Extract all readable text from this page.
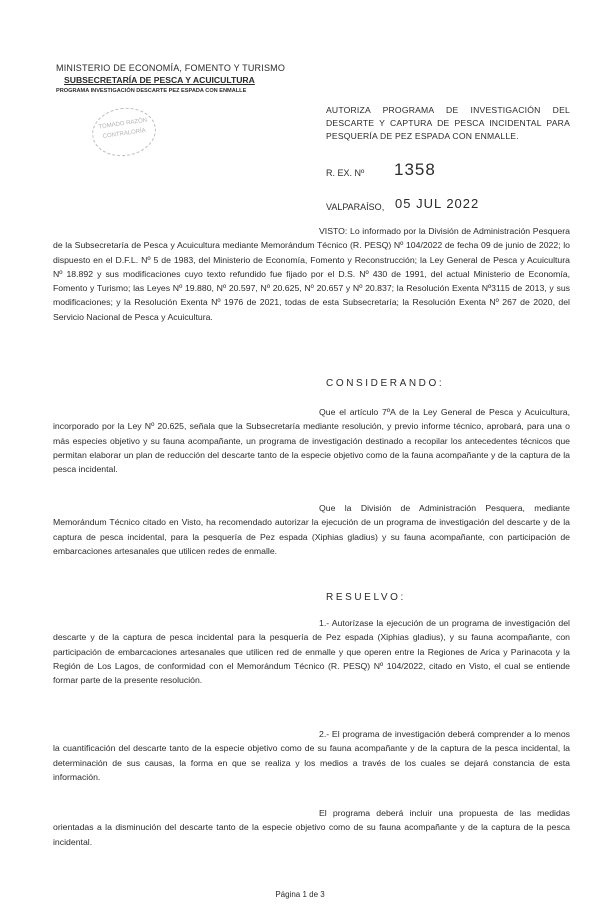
MINISTERIO DE ECONOMÍA, FOMENTO Y TURISMO
SUBSECRETARÍA DE PESCA Y ACUICULTURA
PROGRAMA INVESTIGACIÓN DESCARTE PEZ ESPADA CON ENMALLE
TOMADO RAZÓN
CONTRALORÍA
AUTORIZA PROGRAMA DE INVESTIGACIÓN DEL DESCARTE Y CAPTURA DE PESCA INCIDENTAL PARA PESQUERÍA DE PEZ ESPADA CON ENMALLE.
R. EX. Nº 1358
VALPARAÍSO, 05 JUL 2022

VISTO: Lo informado por la División de Administración Pesquera de la Subsecretaría de Pesca y Acuicultura mediante Memorándum Técnico (R. PESQ) Nº 104/2022 de fecha 09 de junio de 2022; lo dispuesto en el D.F.L. Nº 5 de 1983, del Ministerio de Economía, Fomento y Reconstrucción; la Ley General de Pesca y Acuicultura Nº 18.892 y sus modificaciones cuyo texto refundido fue fijado por el D.S. Nº 430 de 1991, del actual Ministerio de Economía, Fomento y Turismo; las Leyes Nº 19.880, Nº 20.597, Nº 20.625, Nº 20.657 y Nº 20.837; la Resolución Exenta Nº3115 de 2013, y sus modificaciones; y la Resolución Exenta Nº 1976 de 2021, todas de esta Subsecretaría; la Resolución Exenta Nº 267 de 2020, del Servicio Nacional de Pesca y Acuicultura.

CONSIDERANDO:

Que el artículo 7ºA de la Ley General de Pesca y Acuicultura, incorporado por la Ley Nº 20.625, señala que la Subsecretaría mediante resolución, y previo informe técnico, aprobará, para una o más especies objetivo y su fauna acompañante, un programa de investigación destinado a recopilar los antecedentes técnicos que permitan elaborar un plan de reducción del descarte tanto de la especie objetivo como de la fauna acompañante y de la captura de la pesca incidental.

Que la División de Administración Pesquera, mediante Memorándum Técnico citado en Visto, ha recomendado autorizar la ejecución de un programa de investigación del descarte y de la captura de pesca incidental, para la pesquería de Pez espada (Xiphias gladius) y su fauna acompañante, con participación de embarcaciones artesanales que utilicen redes de enmalle.

RESUELVO:

1.- Autorízase la ejecución de un programa de investigación del descarte y de la captura de pesca incidental para la pesquería de Pez espada (Xiphias gladius), y su fauna acompañante, con participación de embarcaciones artesanales que utilicen red de enmalle y que operen entre la Regiones de Arica y Parinacota y la Región de Los Lagos, de conformidad con el Memorándum Técnico (R. PESQ) Nº 104/2022, citado en Visto, el cual se entiende formar parte de la presente resolución.

2.- El programa de investigación deberá comprender a lo menos la cuantificación del descarte tanto de la especie objetivo como de su fauna acompañante y de la captura de la pesca incidental, la determinación de sus causas, la forma en que se realiza y los medios a través de los cuales se dejará constancia de esta información.

El programa deberá incluir una propuesta de las medidas orientadas a la disminución del descarte tanto de la especie objetivo como de su fauna acompañante y de la captura de la pesca incidental.

Página 1 de 3
